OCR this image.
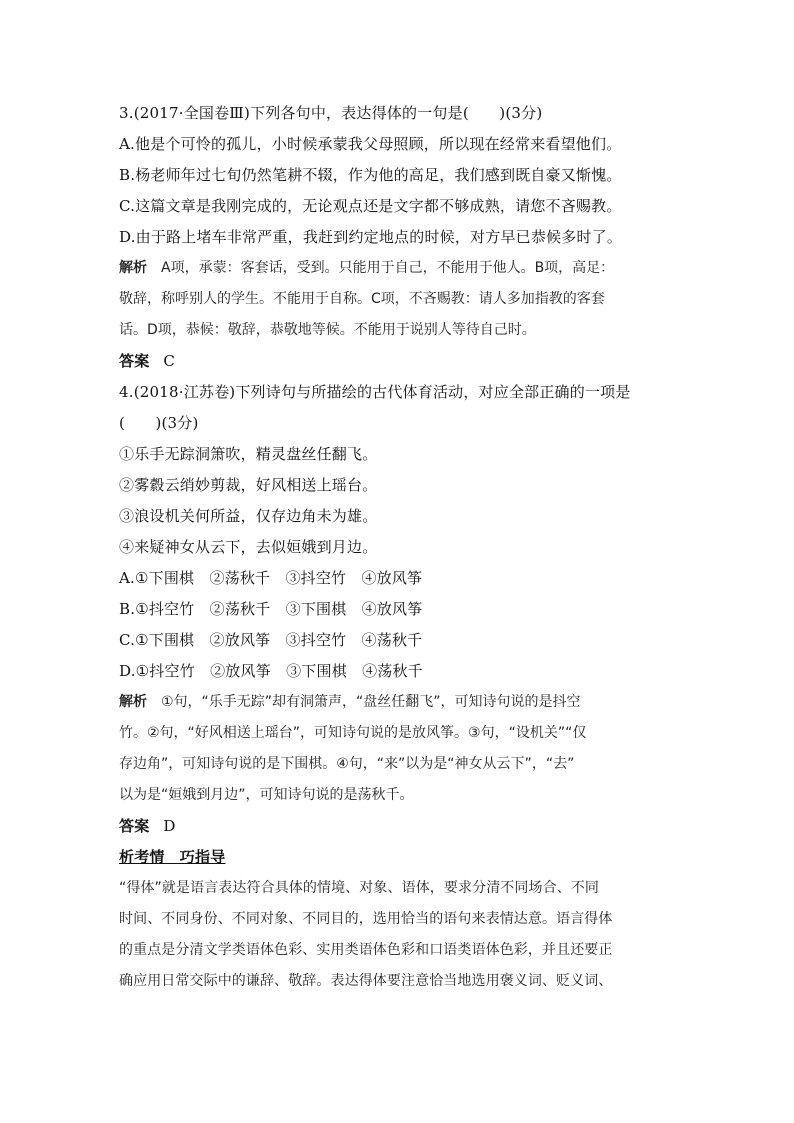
3.(2017·全国卷Ⅲ)下列各句中，表达得体的一句是(　　)(3分)
A.他是个可怜的孤儿，小时候承蒙我父母照顾，所以现在经常来看望他们。
B.杨老师年过七旬仍然笔耕不辍，作为他的高足，我们感到既自豪又惭愧。
C.这篇文章是我刚完成的，无论观点还是文字都不够成熟，请您不吝赐教。
D.由于路上堵车非常严重，我赶到约定地点的时候，对方早已恭候多时了。
解析 A项，承蒙：客套话，受到。只能用于自己，不能用于他人。B项，高足：
敬辞，称呼别人的学生。不能用于自称。C项，不吝赐教：请人多加指教的客套
话。D项，恭候：敬辞，恭敬地等候。不能用于说别人等待自己时。
答案 C
4.(2018·江苏卷)下列诗句与所描绘的古代体育活动，对应全部正确的一项是
(　　)(3分)
①乐手无踪洞箫吹，精灵盘丝任翻飞。
②雾縠云绡妙剪裁，好风相送上瑶台。
③浪设机关何所益，仅存边角未为雄。
④来疑神女从云下，去似姮娥到月边。
A.①下围棋　②荡秋千　③抖空竹　④放风筝
B.①抖空竹　②荡秋千　③下围棋　④放风筝
C.①下围棋　②放风筝　③抖空竹　④荡秋千
D.①抖空竹　②放风筝　③下围棋　④荡秋千
解析 ①句，“乐手无踪”却有洞箫声，“盘丝任翻飞”，可知诗句说的是抖空
竹。②句，“好风相送上瑶台”，可知诗句说的是放风筝。③句，“设机关”“仅
存边角”，可知诗句说的是下围棋。④句，“来”以为是“神女从云下”，“去”
以为是“姮娥到月边”，可知诗句说的是荡秋千。
答案 D
析考情　巧指导
“得体”就是语言表达符合具体的情境、对象、语体，要求分清不同场合、不同
时间、不同身份、不同对象、不同目的，选用恰当的语句来表情达意。语言得体
的重点是分清文学类语体色彩、实用类语体色彩和口语类语体色彩，并且还要正
确应用日常交际中的谦辞、敬辞。表达得体要注意恰当地选用褒义词、贬义词、
